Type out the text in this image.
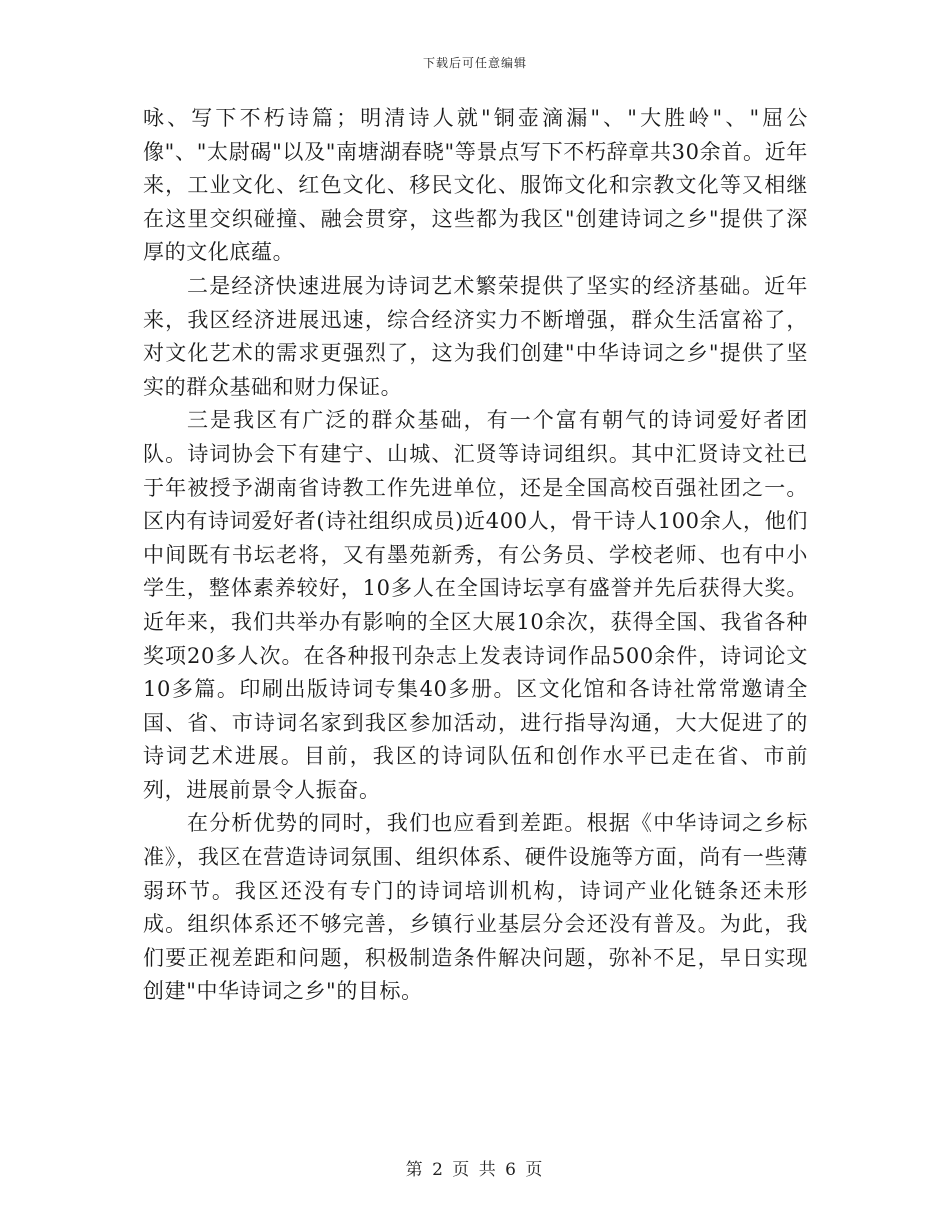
下载后可任意编辑

咏、写下不朽诗篇；明清诗人就"铜壶滴漏"、"大胜岭"、"屈公像"、"太尉碣"以及"南塘湖春晓"等景点写下不朽辞章共30余首。近年来，工业文化、红色文化、移民文化、服饰文化和宗教文化等又相继在这里交织碰撞、融会贯穿，这些都为我区"创建诗词之乡"提供了深厚的文化底蕴。

二是经济快速进展为诗词艺术繁荣提供了坚实的经济基础。近年来，我区经济进展迅速，综合经济实力不断增强，群众生活富裕了，对文化艺术的需求更强烈了，这为我们创建"中华诗词之乡"提供了坚实的群众基础和财力保证。

三是我区有广泛的群众基础，有一个富有朝气的诗词爱好者团队。诗词协会下有建宁、山城、汇贤等诗词组织。其中汇贤诗文社已于年被授予湖南省诗教工作先进单位，还是全国高校百强社团之一。区内有诗词爱好者(诗社组织成员)近400人，骨干诗人100余人，他们中间既有书坛老将，又有墨苑新秀，有公务员、学校老师、也有中小学生，整体素养较好，10多人在全国诗坛享有盛誉并先后获得大奖。近年来，我们共举办有影响的全区大展10余次，获得全国、我省各种奖项20多人次。在各种报刊杂志上发表诗词作品500余件，诗词论文10多篇。印刷出版诗词专集40多册。区文化馆和各诗社常常邀请全国、省、市诗词名家到我区参加活动，进行指导沟通，大大促进了的诗词艺术进展。目前，我区的诗词队伍和创作水平已走在省、市前列，进展前景令人振奋。

在分析优势的同时，我们也应看到差距。根据《中华诗词之乡标准》，我区在营造诗词氛围、组织体系、硬件设施等方面，尚有一些薄弱环节。我区还没有专门的诗词培训机构，诗词产业化链条还未形成。组织体系还不够完善，乡镇行业基层分会还没有普及。为此，我们要正视差距和问题，积极制造条件解决问题，弥补不足，早日实现创建"中华诗词之乡"的目标。

第 2 页 共 6 页
